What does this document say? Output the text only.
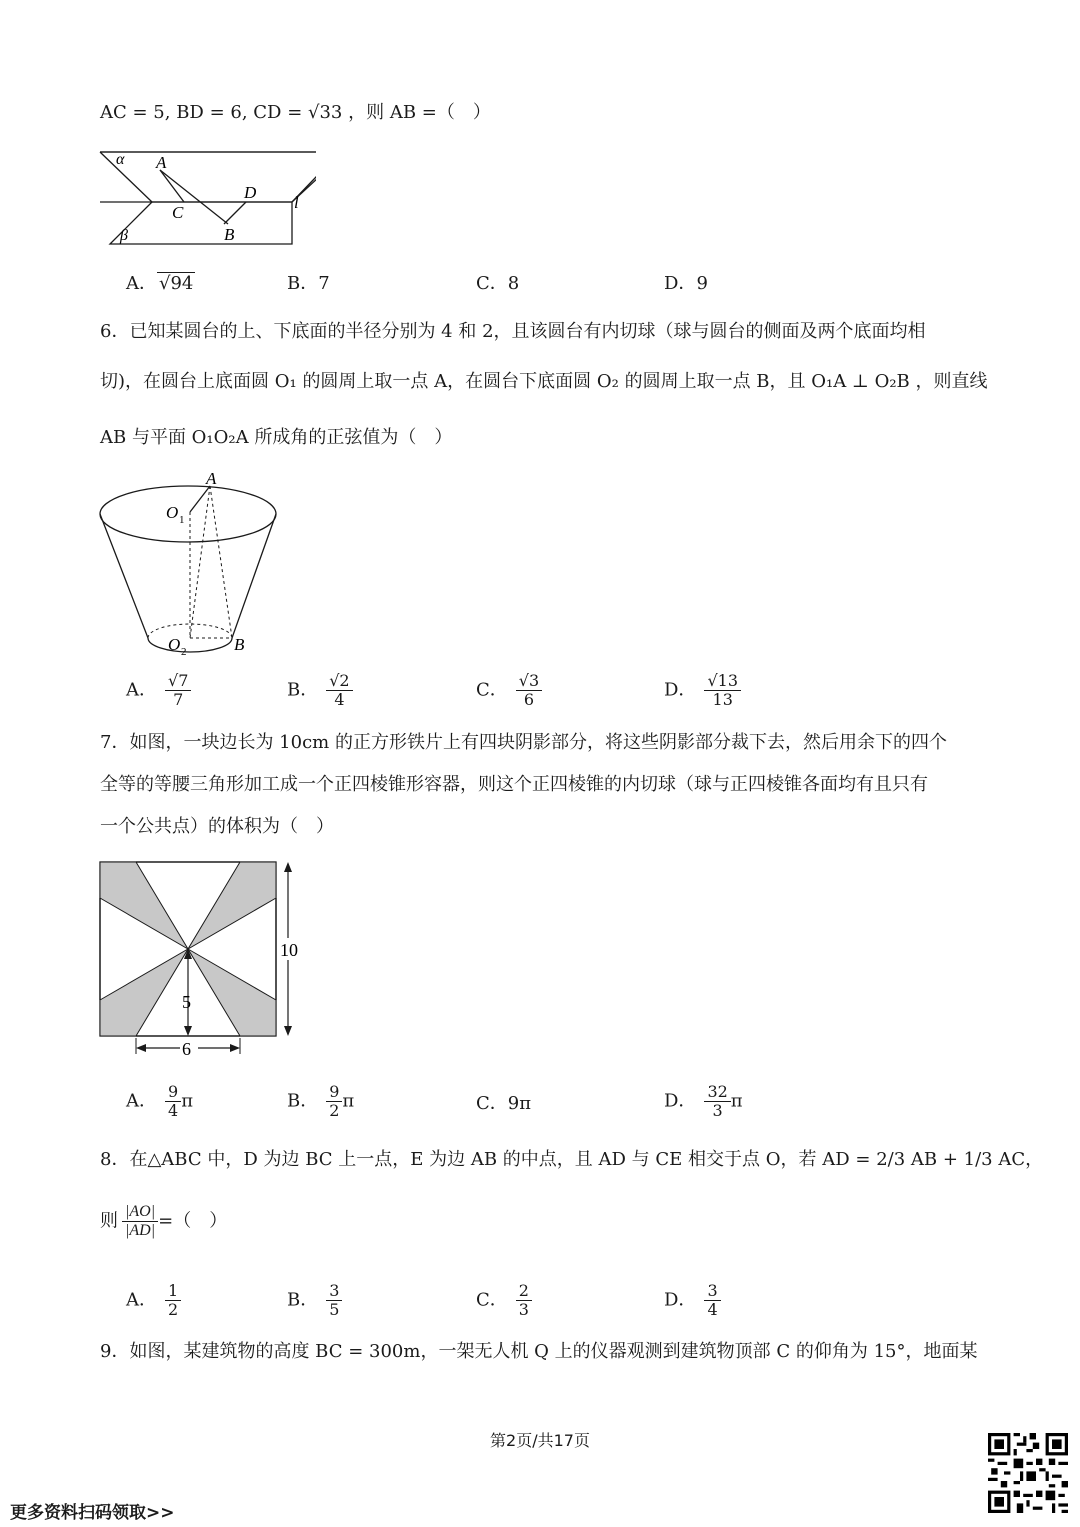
AC = 5, BD = 6, CD = √33 ，则 AB =（　）
α A
C
D
B
l
β
A． √94	B．7	C．8	D．9
6．已知某圆台的上、下底面的半径分别为 4 和 2，且该圆台有内切球（球与圆台的侧面及两个底面均相
切)，在圆台上底面圆 O₁ 的圆周上取一点 A，在圆台下底面圆 O₂ 的圆周上取一点 B，且 O₁A ⊥ O₂B ，则直线
AB 与平面 O₁O₂A 所成角的正弦值为（　）
A
O 1
O 2	B
A． $\frac{√7}{7}$	B． $\frac{√2}{4}$	C． $\frac{√3}{6}$	D． $\frac{√13}{13}$
7．如图，一块边长为 10cm 的正方形铁片上有四块阴影部分，将这些阴影部分裁下去，然后用余下的四个
全等的等腰三角形加工成一个正四棱锥形容器，则这个正四棱锥的内切球（球与正四棱锥各面均有且只有
一个公共点）的体积为（　）
5
6
10
A． $\frac{9}{4}$ π	B． $\frac{9}{2}$ π	C．9π	D． $\frac{32}{3}$ π
8．在△ABC 中，D 为边 BC 上一点，E 为边 AB 的中点，且 AD 与 CE 相交于点 O，若 AD = 2/3 AB + 1/3 AC，
则 $\frac{|AO|}{|AD|}$ =（　）
A． $\frac{1}{2}$	B． $\frac{3}{5}$	C． $\frac{2}{3}$	D． $\frac{3}{4}$
9．如图，某建筑物的高度 BC = 300m，一架无人机 Q 上的仪器观测到建筑物顶部 C 的仰角为 15°，地面某
第2页/共17页
更多资料扫码领取>>
